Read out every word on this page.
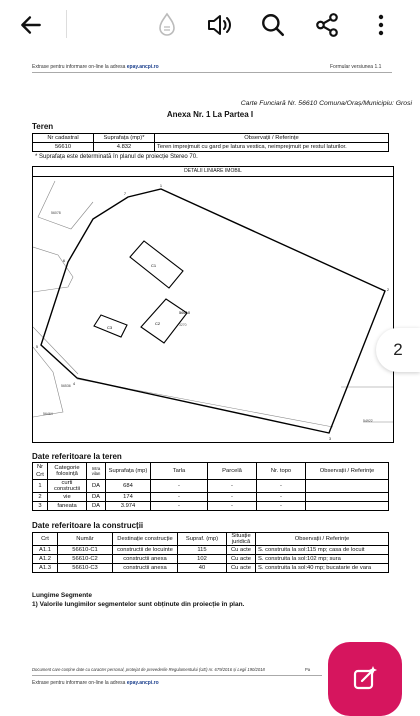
Extrase pentru informare on-line la adresa epay.ancpi.ro	Formular versiunea 1.1
Carte Funciară Nr. 56610 Comuna/Oraș/Municipiu: Grosi
Anexa Nr. 1 La Partea I
Teren
Nr cadastral	Suprafața (mp)*	Observații / Referințe
56610	4.832	Teren imprejmuit cu gard pe latura vestica, neimprejmuit pe restul laturilor.
* Suprafața este determinată în planul de proiecție Stereo 70.
DETALII LINIARE IMOBIL
C1
C2
C3
56610
3270
56078
56536
56464
54922
1
2
3
4
5
6
7
Date referitoare la teren
Nr Crt	Categorie folosință	Intra vilan	Suprafața (mp)	Tarla	Parcelă	Nr. topo	Observații / Referințe
1	curti constructii	DA	684	-	-	-	
2	vie	DA	174	-	-	-	
3	faneata	DA	3.974	-	-	-	
Date referitoare la construcții
Crt	Număr	Destinație construcție	Supraf. (mp)	Situație juridică	Observații / Referințe
A1.1	56610-C1	constructii de locuinte	115	Cu acte	S. construita la sol:115 mp; casa de locuit
A1.2	56610-C2	constructii anexa	102	Cu acte	S. construita la sol:102 mp; sura
A1.3	56610-C3	constructii anexa	40	Cu acte	S. construita la sol:40 mp; bucatarie de vara
Lungime Segmente
1) Valorile lungimilor segmentelor sunt obținute din proiecție în plan.
Document care conține date cu caracter personal, protejat de prevederile Regulamentului (UE) nr. 679/2016 și Legii 190/2018	Pa
Extrase pentru informare on-line la adresa epay.ancpi.ro
2
